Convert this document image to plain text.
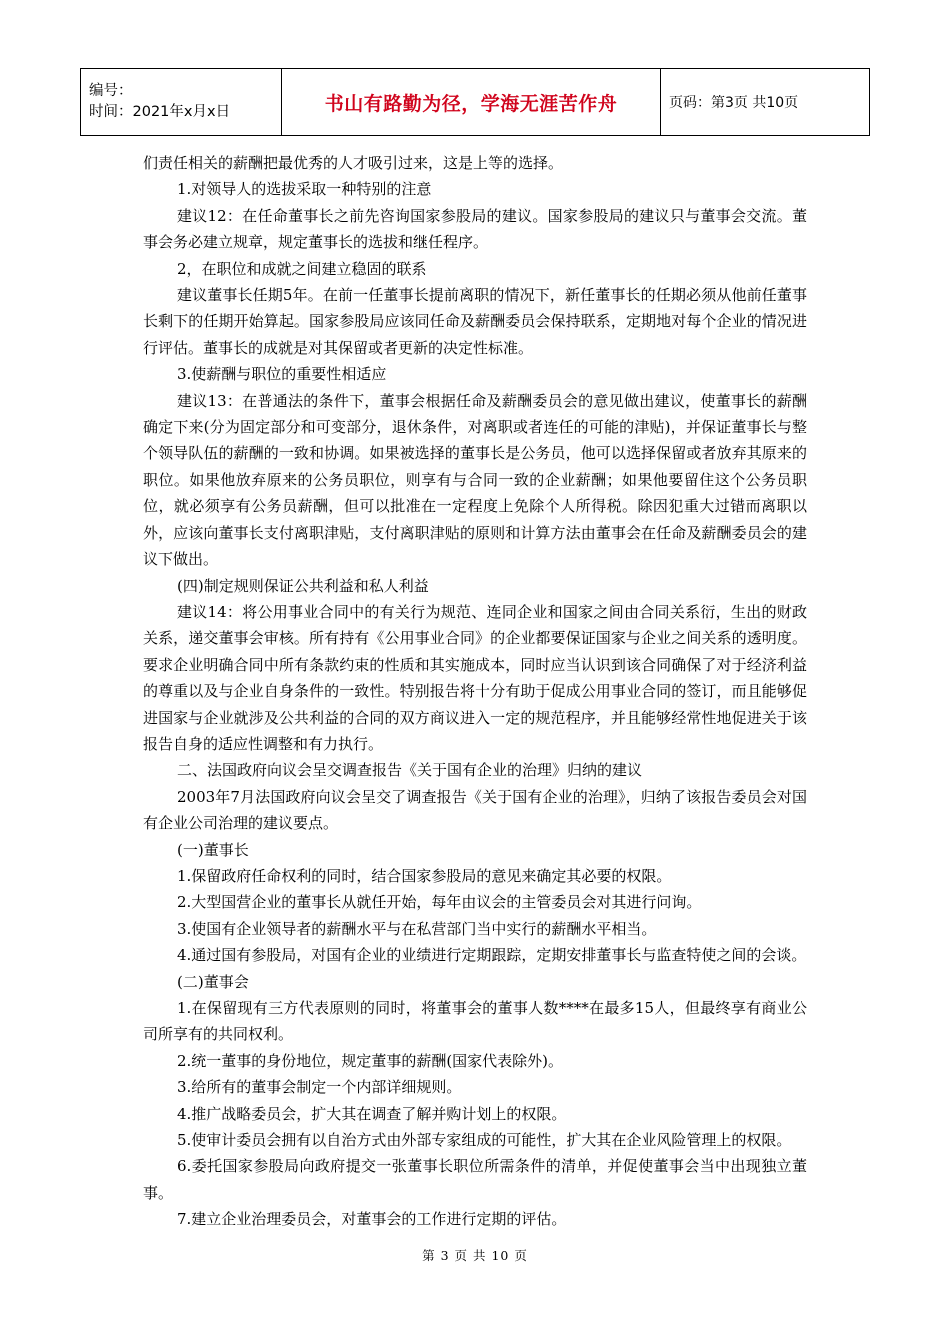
编号：
时间：2021年x月x日	书山有路勤为径，学海无涯苦作舟	页码：第3页 共10页

们责任相关的薪酬把最优秀的人才吸引过来，这是上等的选择。

1.对领导人的选拔采取一种特别的注意

建议12：在任命董事长之前先咨询国家参股局的建议。国家参股局的建议只与董事会交流。董事会务必建立规章，规定董事长的选拔和继任程序。

2，在职位和成就之间建立稳固的联系

建议董事长任期5年。在前一任董事长提前离职的情况下，新任董事长的任期必须从他前任董事长剩下的任期开始算起。国家参股局应该同任命及薪酬委员会保持联系，定期地对每个企业的情况进行评估。董事长的成就是对其保留或者更新的决定性标准。

3.使薪酬与职位的重要性相适应

建议13：在普通法的条件下，董事会根据任命及薪酬委员会的意见做出建议，使董事长的薪酬确定下来(分为固定部分和可变部分，退休条件，对离职或者连任的可能的津贴)，并保证董事长与整个领导队伍的薪酬的一致和协调。如果被选择的董事长是公务员，他可以选择保留或者放弃其原来的职位。如果他放弃原来的公务员职位，则享有与合同一致的企业薪酬；如果他要留住这个公务员职位，就必须享有公务员薪酬，但可以批准在一定程度上免除个人所得税。除因犯重大过错而离职以外，应该向董事长支付离职津贴，支付离职津贴的原则和计算方法由董事会在任命及薪酬委员会的建议下做出。

(四)制定规则保证公共利益和私人利益

建议14：将公用事业合同中的有关行为规范、连同企业和国家之间由合同关系衍，生出的财政关系，递交董事会审核。所有持有《公用事业合同》的企业都要保证国家与企业之间关系的透明度。要求企业明确合同中所有条款约束的性质和其实施成本，同时应当认识到该合同确保了对于经济利益的尊重以及与企业自身条件的一致性。特别报告将十分有助于促成公用事业合同的签订，而且能够促进国家与企业就涉及公共利益的合同的双方商议进入一定的规范程序，并且能够经常性地促进关于该报告自身的适应性调整和有力执行。

二、法国政府向议会呈交调查报告《关于国有企业的治理》归纳的建议

2003年7月法国政府向议会呈交了调查报告《关于国有企业的治理》，归纳了该报告委员会对国有企业公司治理的建议要点。

(一)董事长

1.保留政府任命权利的同时，结合国家参股局的意见来确定其必要的权限。

2.大型国营企业的董事长从就任开始，每年由议会的主管委员会对其进行问询。

3.使国有企业领导者的薪酬水平与在私营部门当中实行的薪酬水平相当。

4.通过国有参股局，对国有企业的业绩进行定期跟踪，定期安排董事长与监查特使之间的会谈。

(二)董事会

1.在保留现有三方代表原则的同时，将董事会的董事人数****在最多15人，但最终享有商业公司所享有的共同权利。

2.统一董事的身份地位，规定董事的薪酬(国家代表除外)。

3.给所有的董事会制定一个内部详细规则。

4.推广战略委员会，扩大其在调查了解并购计划上的权限。

5.使审计委员会拥有以自治方式由外部专家组成的可能性，扩大其在企业风险管理上的权限。

6.委托国家参股局向政府提交一张董事长职位所需条件的清单，并促使董事会当中出现独立董事。

7.建立企业治理委员会，对董事会的工作进行定期的评估。

第 3 页 共 10 页
